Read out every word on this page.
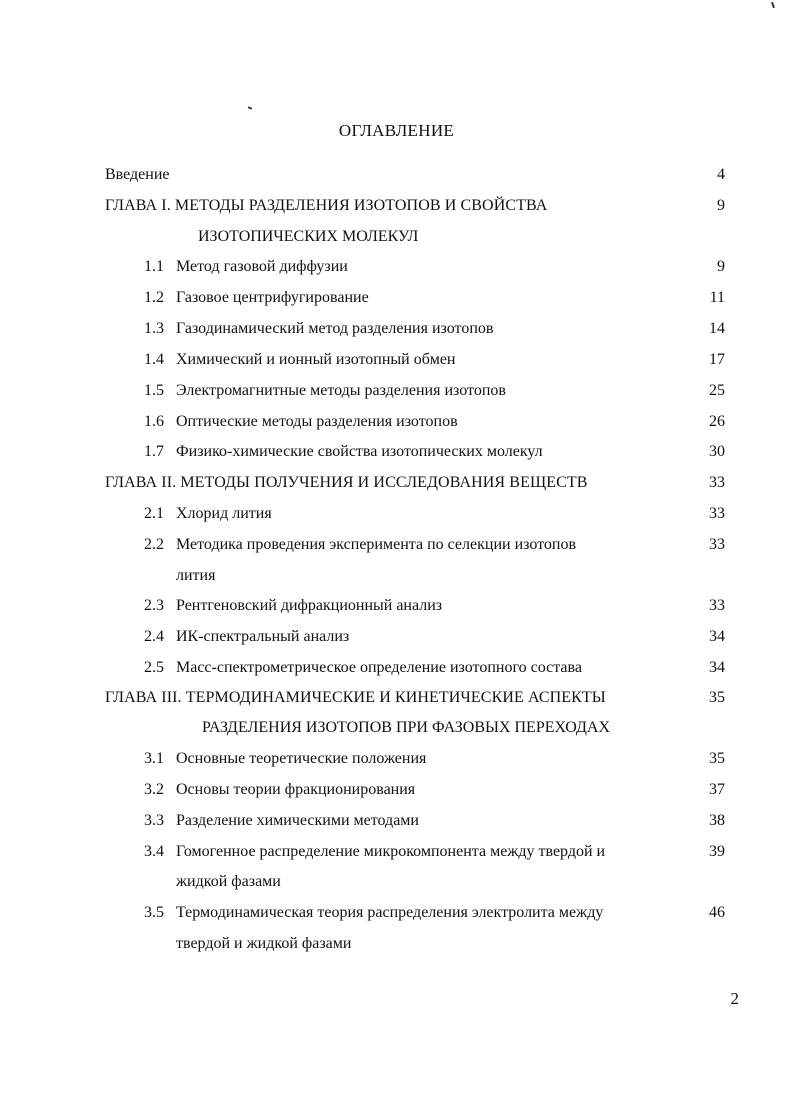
ОГЛАВЛЕНИЕ
Введение	4
ГЛАВА I. МЕТОДЫ РАЗДЕЛЕНИЯ ИЗОТОПОВ И СВОЙСТВА	9
ИЗОТОПИЧЕСКИХ МОЛЕКУЛ
1.1 Метод газовой диффузии	9
1.2 Газовое центрифугирование	11
1.3 Газодинамический метод разделения изотопов	14
1.4 Химический и ионный изотопный обмен	17
1.5 Электромагнитные методы разделения изотопов	25
1.6 Оптические методы разделения изотопов	26
1.7 Физико-химические свойства изотопических молекул	30
ГЛАВА II. МЕТОДЫ ПОЛУЧЕНИЯ И ИССЛЕДОВАНИЯ ВЕЩЕСТВ	33
2.1 Хлорид лития	33
2.2 Методика проведения эксперимента по селекции изотопов	33
лития
2.3 Рентгеновский дифракционный анализ	33
2.4 ИК-спектральный анализ	34
2.5 Масс-спектрометрическое определение изотопного состава	34
ГЛАВА III. ТЕРМОДИНАМИЧЕСКИЕ И КИНЕТИЧЕСКИЕ АСПЕКТЫ	35
РАЗДЕЛЕНИЯ ИЗОТОПОВ ПРИ ФАЗОВЫХ ПЕРЕХОДАХ
3.1 Основные теоретические положения	35
3.2 Основы теории фракционирования	37
3.3 Разделение химическими методами	38
3.4 Гомогенное распределение микрокомпонента между твердой и	39
жидкой фазами
3.5 Термодинамическая теория распределения электролита между	46
твердой и жидкой фазами
2
